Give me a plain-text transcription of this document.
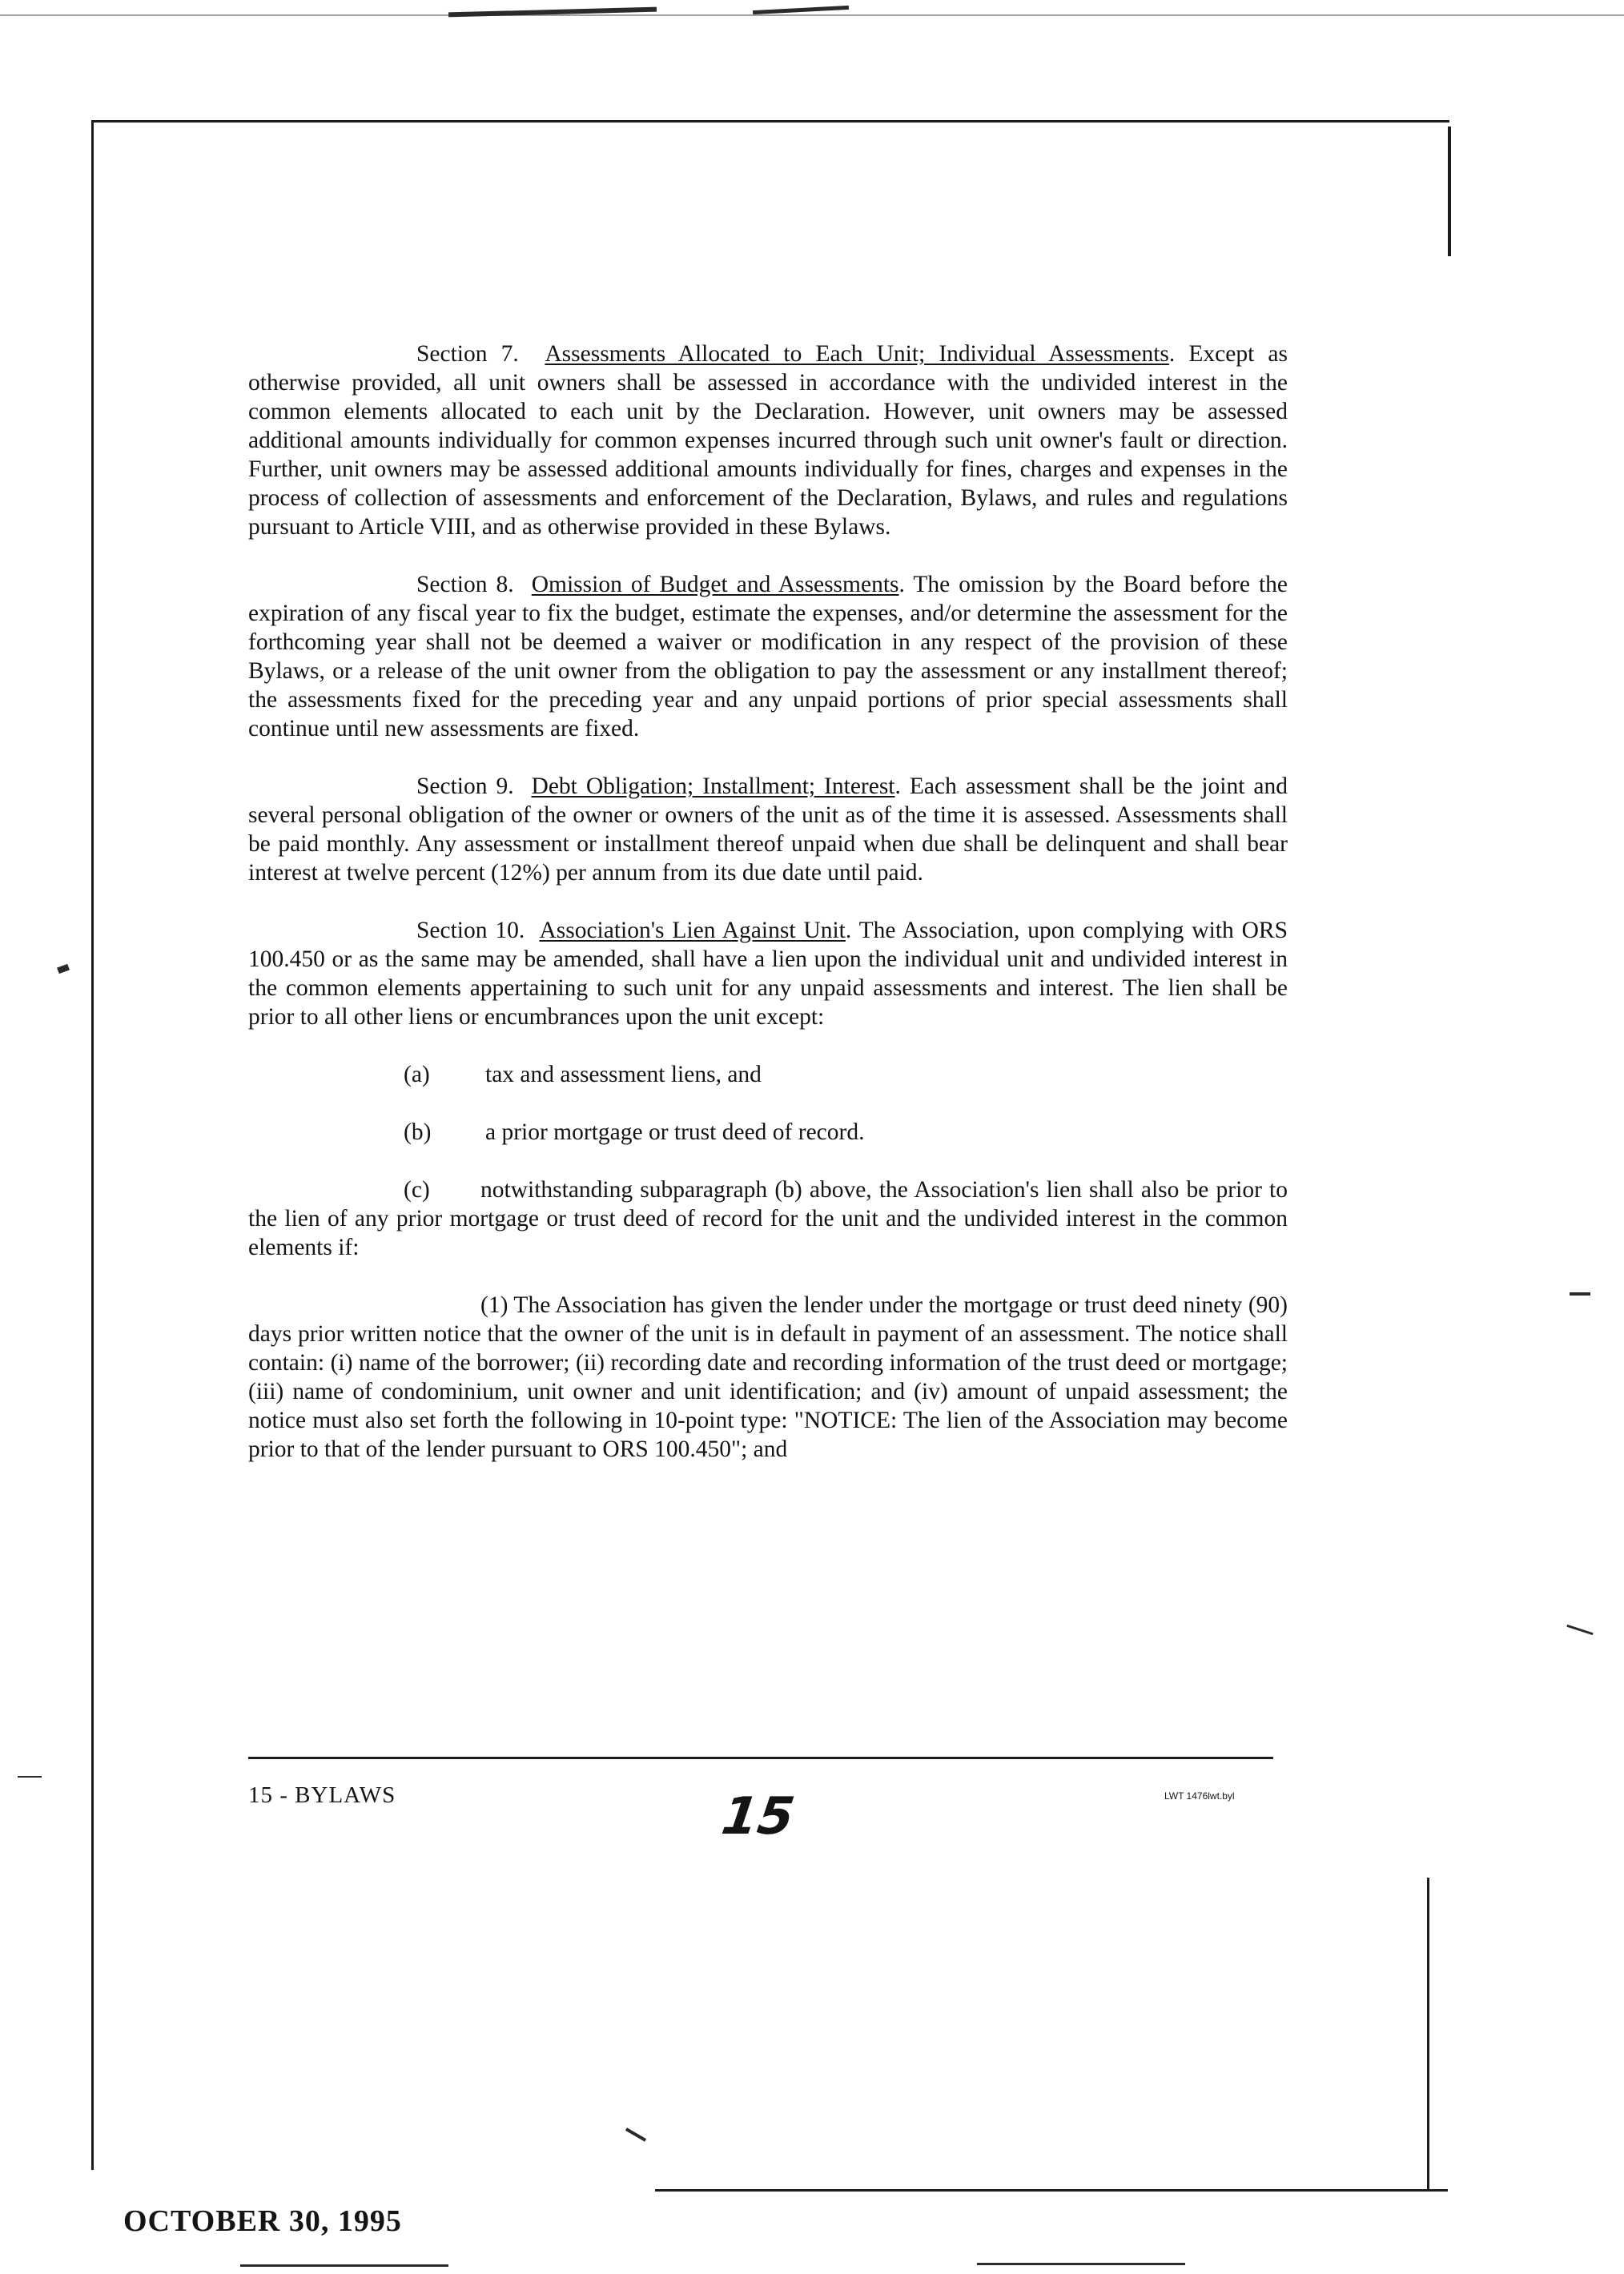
Section 7. Assessments Allocated to Each Unit; Individual Assessments. Except as otherwise provided, all unit owners shall be assessed in accordance with the undivided interest in the common elements allocated to each unit by the Declaration. However, unit owners may be assessed additional amounts individually for common expenses incurred through such unit owner's fault or direction. Further, unit owners may be assessed additional amounts individually for fines, charges and expenses in the process of collection of assessments and enforcement of the Declaration, Bylaws, and rules and regulations pursuant to Article VIII, and as otherwise provided in these Bylaws.

Section 8. Omission of Budget and Assessments. The omission by the Board before the expiration of any fiscal year to fix the budget, estimate the expenses, and/or determine the assessment for the forthcoming year shall not be deemed a waiver or modification in any respect of the provision of these Bylaws, or a release of the unit owner from the obligation to pay the assessment or any installment thereof; the assessments fixed for the preceding year and any unpaid portions of prior special assessments shall continue until new assessments are fixed.

Section 9. Debt Obligation; Installment; Interest. Each assessment shall be the joint and several personal obligation of the owner or owners of the unit as of the time it is assessed. Assessments shall be paid monthly. Any assessment or installment thereof unpaid when due shall be delinquent and shall bear interest at twelve percent (12%) per annum from its due date until paid.

Section 10. Association's Lien Against Unit. The Association, upon complying with ORS 100.450 or as the same may be amended, shall have a lien upon the individual unit and undivided interest in the common elements appertaining to such unit for any unpaid assessments and interest. The lien shall be prior to all other liens or encumbrances upon the unit except:

(a) tax and assessment liens, and
(b) a prior mortgage or trust deed of record.

(c) notwithstanding subparagraph (b) above, the Association's lien shall also be prior to the lien of any prior mortgage or trust deed of record for the unit and the undivided interest in the common elements if:

(1) The Association has given the lender under the mortgage or trust deed ninety (90) days prior written notice that the owner of the unit is in default in payment of an assessment. The notice shall contain: (i) name of the borrower; (ii) recording date and recording information of the trust deed or mortgage; (iii) name of condominium, unit owner and unit identification; and (iv) amount of unpaid assessment; the notice must also set forth the following in 10-point type: "NOTICE: The lien of the Association may become prior to that of the lender pursuant to ORS 100.450"; and

15 - BYLAWS	15	LWT 1476lwt.byl
OCTOBER 30, 1995
